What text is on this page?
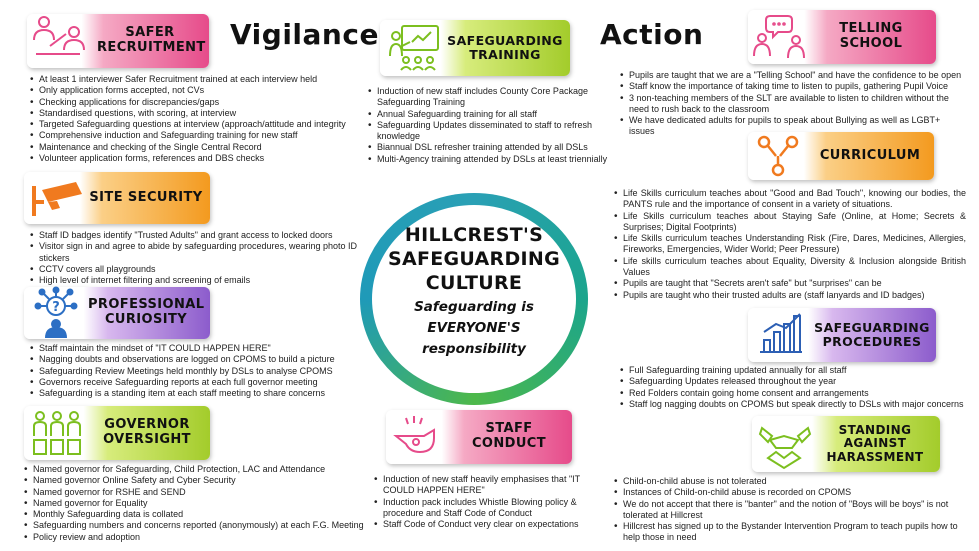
Vigilance	Action
SAFER
RECRUITMENT
• At least 1 interviewer Safer Recruitment trained at each interview held
• Only application forms accepted, not CVs
• Checking applications for discrepancies/gaps
• Standardised questions, with scoring, at interview
• Targeted Safeguarding questions at interview (approach/attitude and integrity
• Comprehensive induction and Safeguarding training for new staff
• Maintenance and checking of the Single Central Record
• Volunteer application forms, references and DBS checks
SAFEGUARDING
TRAINING
• Induction of new staff includes County Core Package Safeguarding Training
• Annual Safeguarding training for all staff
• Safeguarding Updates disseminated to staff to refresh knowledge
• Biannual DSL refresher training attended by all DSLs
• Multi-Agency training attended by DSLs at least triennially
TELLING
SCHOOL
• Pupils are taught that we are a "Telling School" and have the confidence to be open
• Staff know the importance of taking time to listen to pupils, gathering Pupil Voice
• 3 non-teaching members of the SLT are available to listen to children without the need to rush back to the classroom
• We have dedicated adults for pupils to speak about Bullying as well as LGBT+ issues
CURRICULUM
• Life Skills curriculum teaches about "Good and Bad Touch", knowing our bodies, the PANTS rule and the importance of consent in a variety of situations.
• Life Skills curriculum teaches about Staying Safe (Online, at Home; Secrets & Surprises; Digital Footprints)
• Life Skills curriculum teaches Understanding Risk (Fire, Dares, Medicines, Allergies, Fireworks, Emergencies, Wider World; Peer Pressure)
• Life skills curriculum teaches about Equality, Diversity & Inclusion alongside British Values
• Pupils are taught that "Secrets aren't safe" but "surprises" can be
• Pupils are taught who their trusted adults are (staff lanyards and ID badges)
SITE SECURITY
• Staff ID badges identify "Trusted Adults" and grant access to locked doors
• Visitor sign in and agree to abide by safeguarding procedures, wearing photo ID stickers
• CCTV covers all playgrounds
• High level of internet filtering and screening of emails
PROFESSIONAL
CURIOSITY
?
• Staff maintain the mindset of "IT COULD HAPPEN HERE"
• Nagging doubts and observations are logged on CPOMS to build a picture
• Safeguarding Review Meetings held monthly by DSLs to analyse CPOMS
• Governors receive Safeguarding reports at each full governor meeting
• Safeguarding is a standing item at each staff meeting to share concerns
SAFEGUARDING
PROCEDURES
• Full Safeguarding training updated annually for all staff
• Safeguarding Updates released throughout the year
• Red Folders contain going home consent and arrangements
• Staff log nagging doubts on CPOMS but speak directly to DSLs with major concerns
GOVERNOR
OVERSIGHT
• Named governor for Safeguarding, Child Protection, LAC and Attendance
• Named governor Online Safety and Cyber Security
• Named governor for RSHE and SEND
• Named governor for Equality
• Monthly Safeguarding data is collated
• Safeguarding numbers and concerns reported (anonymously) at each F.G. Meeting
• Policy review and adoption
STAFF
CONDUCT
• Induction of new staff heavily emphasises that "IT COULD HAPPEN HERE"
• Induction pack includes Whistle Blowing policy & procedure and Staff Code of Conduct
• Staff Code of Conduct very clear on expectations
STANDING
AGAINST
HARASSMENT
• Child-on-child abuse is not tolerated
• Instances of Child-on-child abuse is recorded on CPOMS
• We do not accept that there is "banter" and the notion of "Boys will be boys" is not tolerated at Hillcrest
• Hillcrest has signed up to the Bystander Intervention Program to teach pupils how to help those in need
HILLCREST'S
SAFEGUARDING
CULTURE
Safeguarding is
EVERYONE'S
responsibility
